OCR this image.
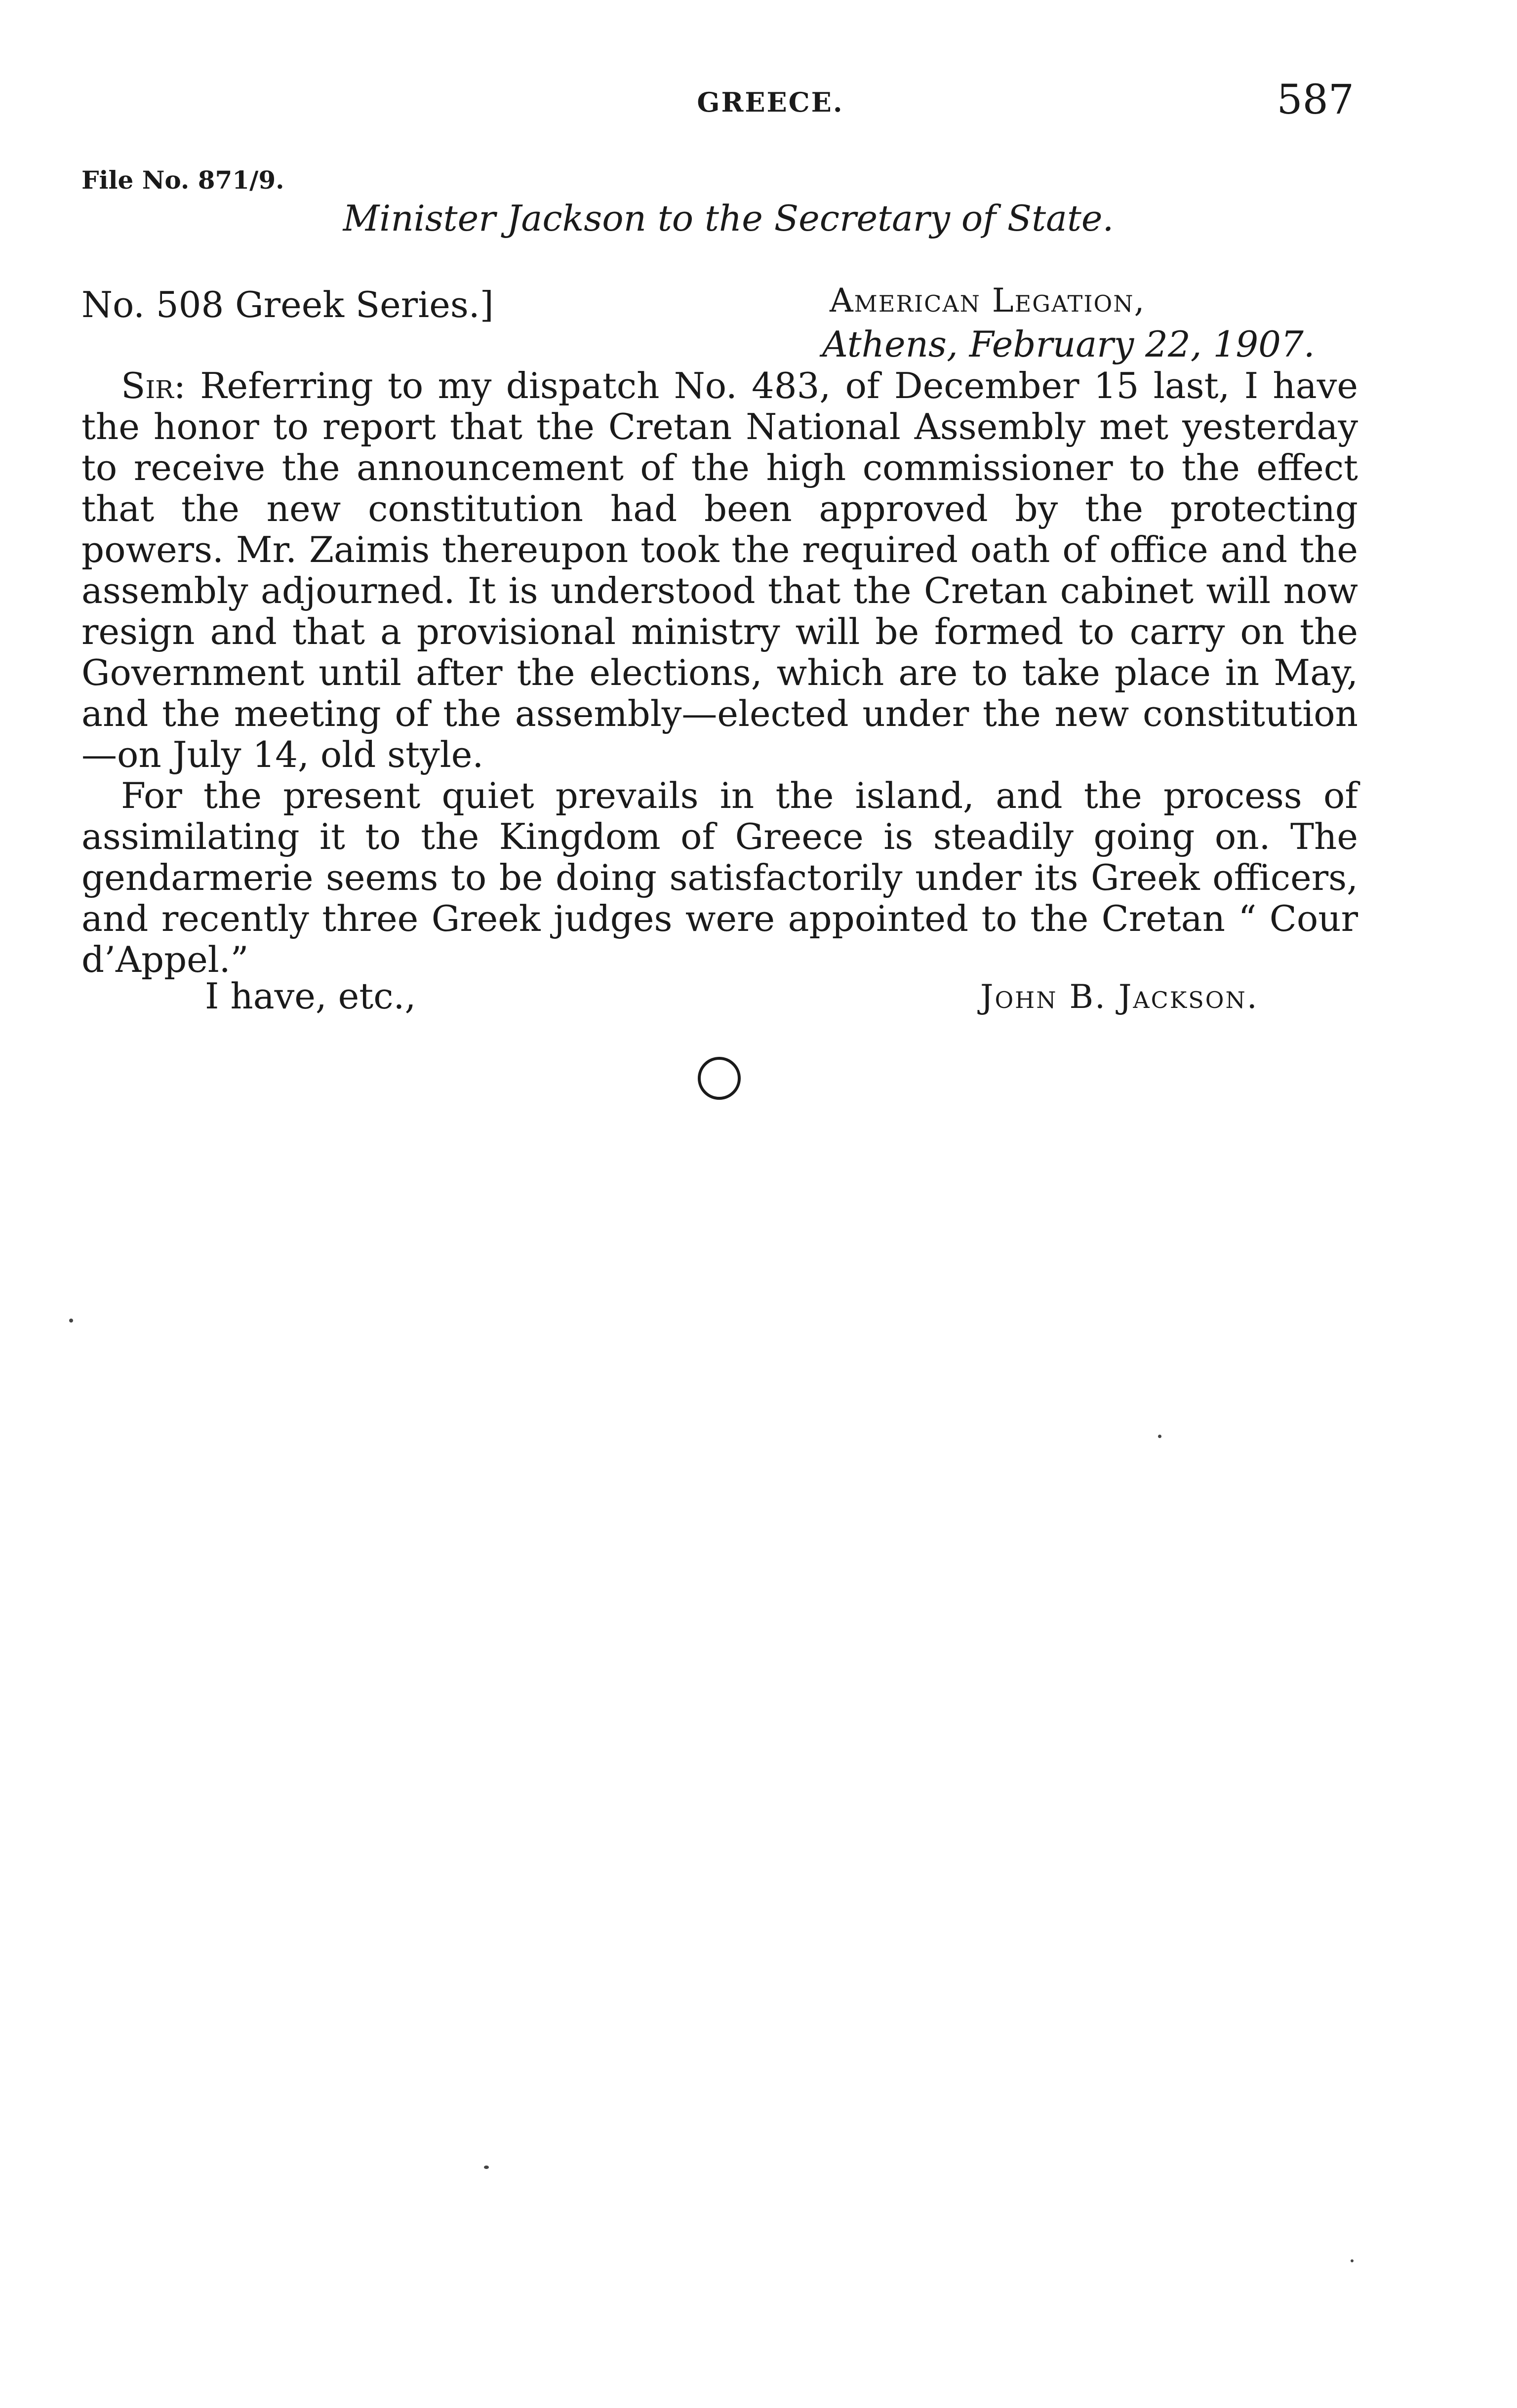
GREECE.	587
File No. 871/9.
Minister Jackson to the Secretary of State.
No. 508 Greek Series.]	American Legation,
Athens, February 22, 1907.

Sir: Referring to my dispatch No. 483, of December 15 last, I have the honor to report that the Cretan National Assembly met yesterday to receive the announcement of the high commissioner to the effect that the new constitution had been approved by the protecting powers. Mr. Zaimis thereupon took the required oath of office and the assembly adjourned. It is understood that the Cretan cabinet will now resign and that a provisional ministry will be formed to carry on the Government until after the elections, which are to take place in May, and the meeting of the assembly—elected under the new constitution—on July 14, old style.

For the present quiet prevails in the island, and the process of assimilating it to the Kingdom of Greece is steadily going on. The gendarmerie seems to be doing satisfactorily under its Greek officers, and recently three Greek judges were appointed to the Cretan “ Cour d’Appel.”

I have, etc.,	John B. Jackson.
